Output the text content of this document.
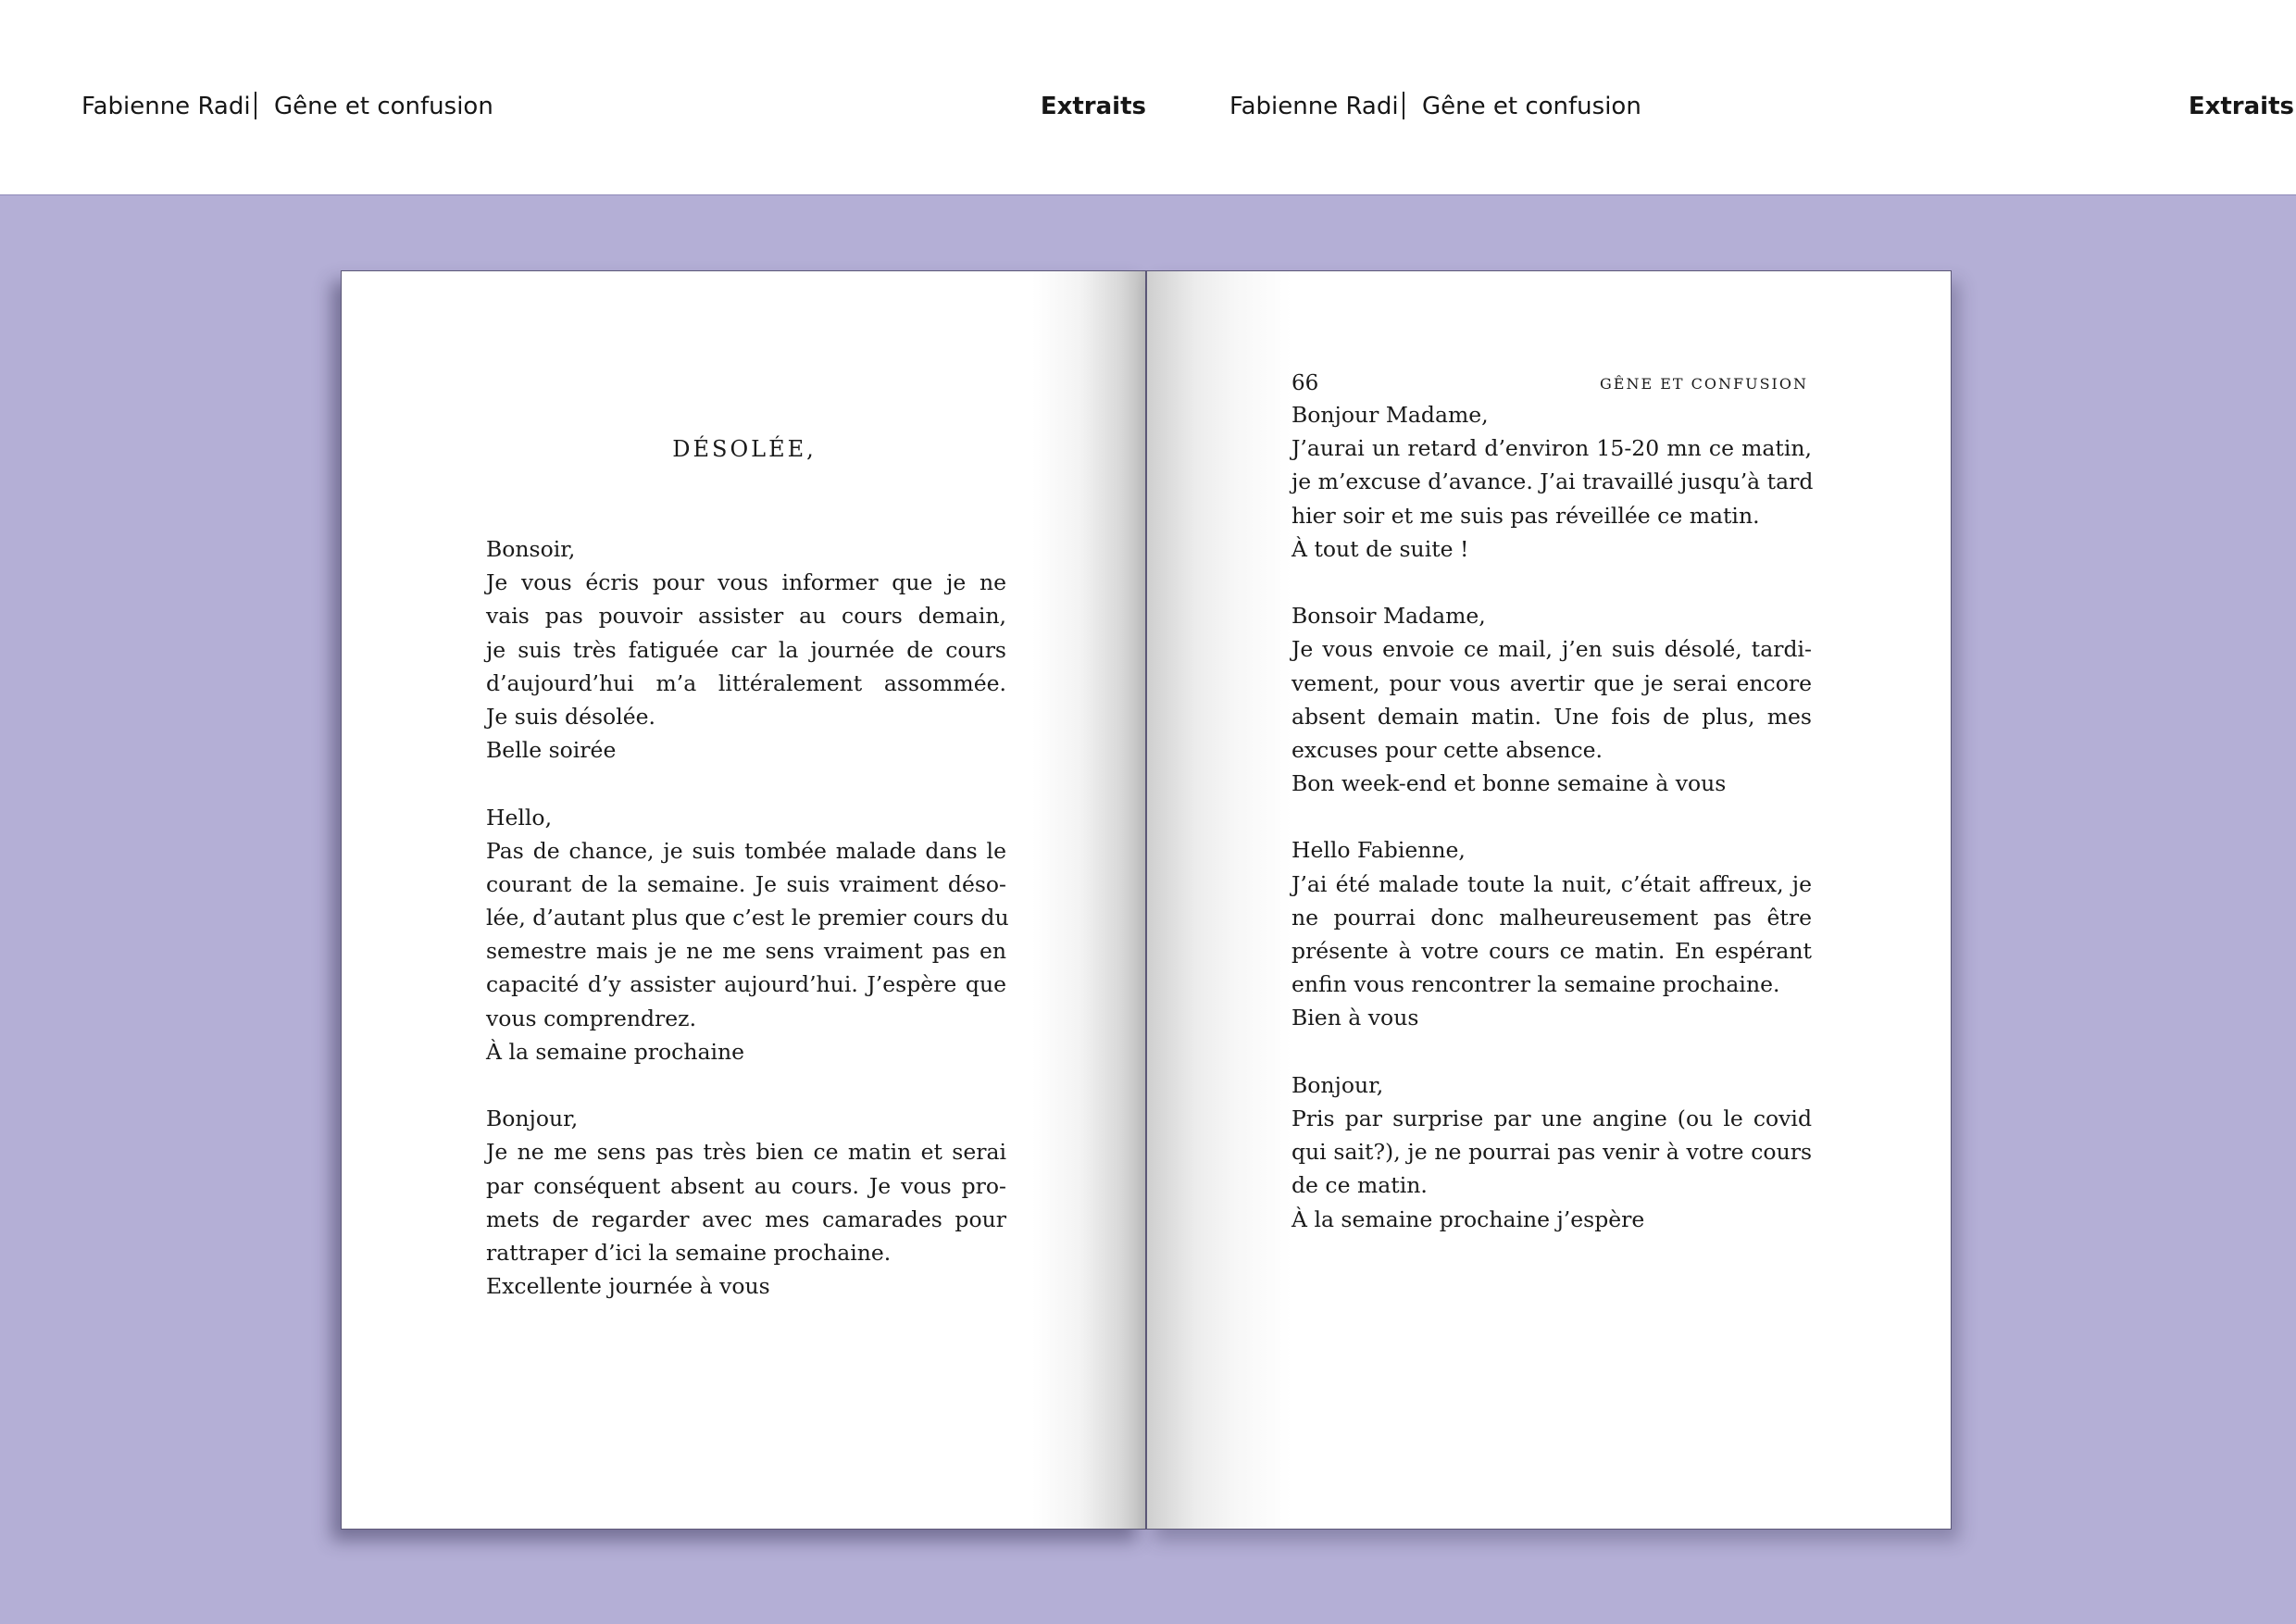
Fabienne Radi Gêne et confusion	Extraits	Fabienne Radi Gêne et confusion	Extraits
DÉSOLÉE,
Bonsoir,
Je vous écris pour vous informer que je ne
vais pas pouvoir assister au cours demain,
je suis très fatiguée car la journée de cours
d’aujourd’hui m’a littéralement assommée.
Je suis désolée.
Belle soirée
Hello,
Pas de chance, je suis tombée malade dans le
courant de la semaine. Je suis vraiment déso-
lée, d’autant plus que c’est le premier cours du
semestre mais je ne me sens vraiment pas en
capacité d’y assister aujourd’hui. J’espère que
vous comprendrez.
À la semaine prochaine
Bonjour,
Je ne me sens pas très bien ce matin et serai
par conséquent absent au cours. Je vous pro-
mets de regarder avec mes camarades pour
rattraper d’ici la semaine prochaine.
Excellente journée à vous
66	GÊNE ET CONFUSION
Bonjour Madame,
J’aurai un retard d’environ 15-20 mn ce matin,
je m’excuse d’avance. J’ai travaillé jusqu’à tard
hier soir et me suis pas réveillée ce matin.
À tout de suite !
Bonsoir Madame,
Je vous envoie ce mail, j’en suis désolé, tardi-
vement, pour vous avertir que je serai encore
absent demain matin. Une fois de plus, mes
excuses pour cette absence.
Bon week-end et bonne semaine à vous
Hello Fabienne,
J’ai été malade toute la nuit, c’était affreux, je
ne pourrai donc malheureusement pas être
présente à votre cours ce matin. En espérant
enfin vous rencontrer la semaine prochaine.
Bien à vous
Bonjour,
Pris par surprise par une angine (ou le covid
qui sait?), je ne pourrai pas venir à votre cours
de ce matin.
À la semaine prochaine j’espère
